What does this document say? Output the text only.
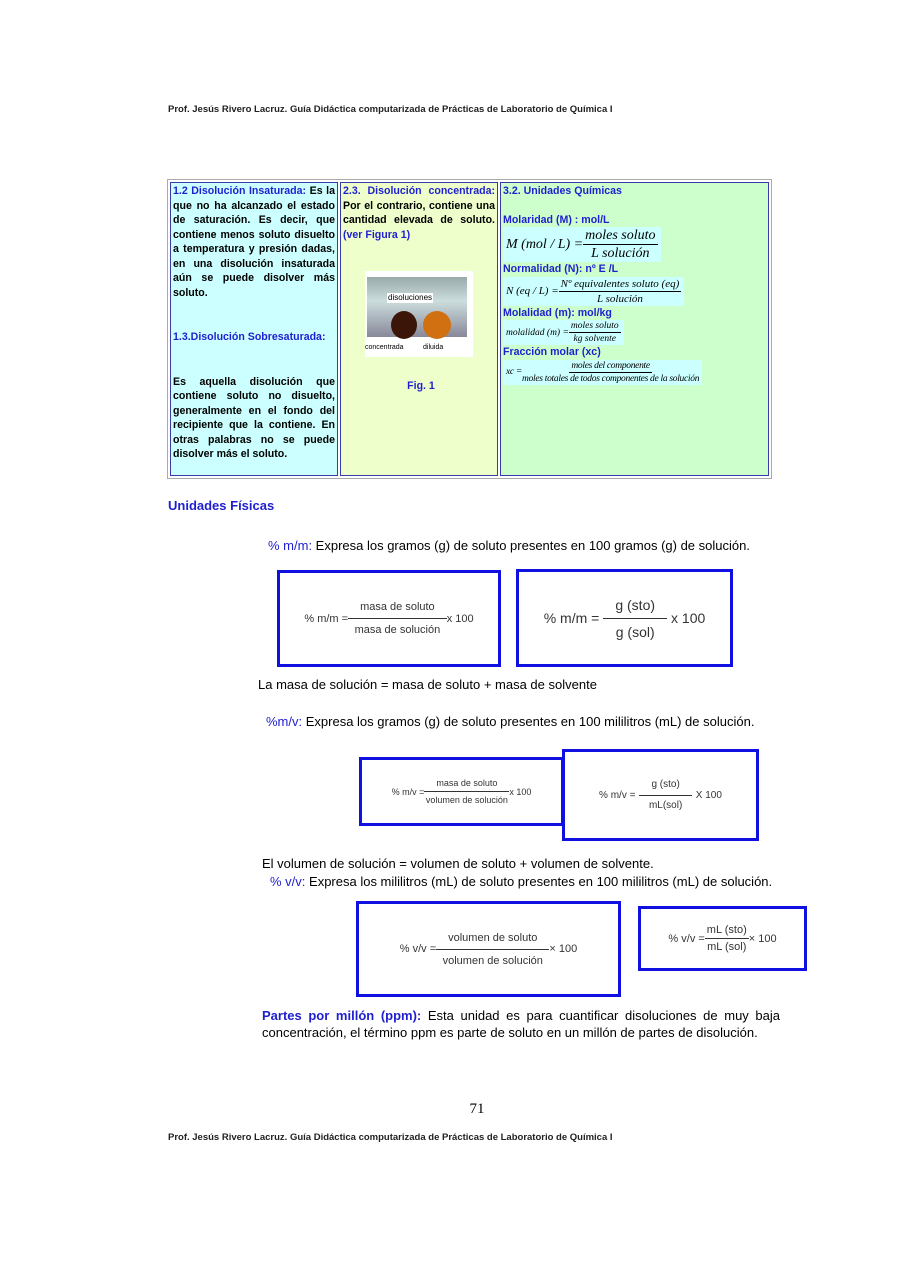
Prof. Jesús Rivero Lacruz. Guía Didáctica computarizada de Prácticas de Laboratorio de Química I
1.2 Disolución Insaturada: Es la que no ha alcanzado el estado de saturación. Es decir, que contiene menos soluto disuelto a temperatura y presión dadas, en una disolución insaturada aún se puede disolver más soluto.
1.3.Disolución Sobresaturada:
Es aquella disolución que contiene soluto no disuelto, generalmente en el fondo del recipiente que la contiene. En otras palabras no se puede disolver más el soluto.
2.3. Disolución concentrada: Por el contrario, contiene una cantidad elevada de soluto. (ver Figura 1)
disoluciones
concentrada	diluida
Fig. 1
3.2. Unidades Químicas
Molaridad (M) : mol/L
M $(mol / L) = \frac{\text{moles soluto}}{\text{L solución}}$
Normalidad (N): nº E /L
N $(eq / L) = \frac{\text{Nº equivalentes soluto (eq)}}{\text{L solución}}$
Molalidad (m): mol/kg
molalidad $(m) = \frac{\text{moles soluto}}{\text{kg solvente}}$
Fracción molar (xc)
xc = $\frac{\text{moles del componente}}{\text{moles totales de todos componentes de la solución}}$
Unidades Físicas
% m/m: Expresa los gramos (g) de soluto presentes en 100 gramos (g) de solución.
% $m/m = \frac{\text{masa de soluto}}{\text{masa de solución}}$ x 100	% $m/m = \frac{\text{g (sto)}}{\text{g (sol)}}$ x 100
La masa de solución = masa de soluto + masa de solvente
%m/v: Expresa los gramos (g) de soluto presentes en 100 mililitros (mL) de solución.
% $m/v = \frac{\text{masa de soluto}}{\text{volumen de solución}}$ x 100	% $m/v = \frac{\text{g (sto)}}{\text{mL(sol)}}$ X 100
El volumen de solución = volumen de soluto + volumen de solvente.
% v/v: Expresa los mililitros (mL) de soluto presentes en 100 mililitros (mL) de solución.
% $v/v = \frac{\text{volumen de soluto}}{\text{volumen de solución}} \times 100$
% $v/v = \frac{\text{mL (sto)}}{\text{mL (sol)}} \times 100$
Partes por millón (ppm): Esta unidad es para cuantificar disoluciones de muy baja concentración, el término ppm es parte de soluto en un millón de partes de disolución.
71
Prof. Jesús Rivero Lacruz. Guía Didáctica computarizada de Prácticas de Laboratorio de Química I
